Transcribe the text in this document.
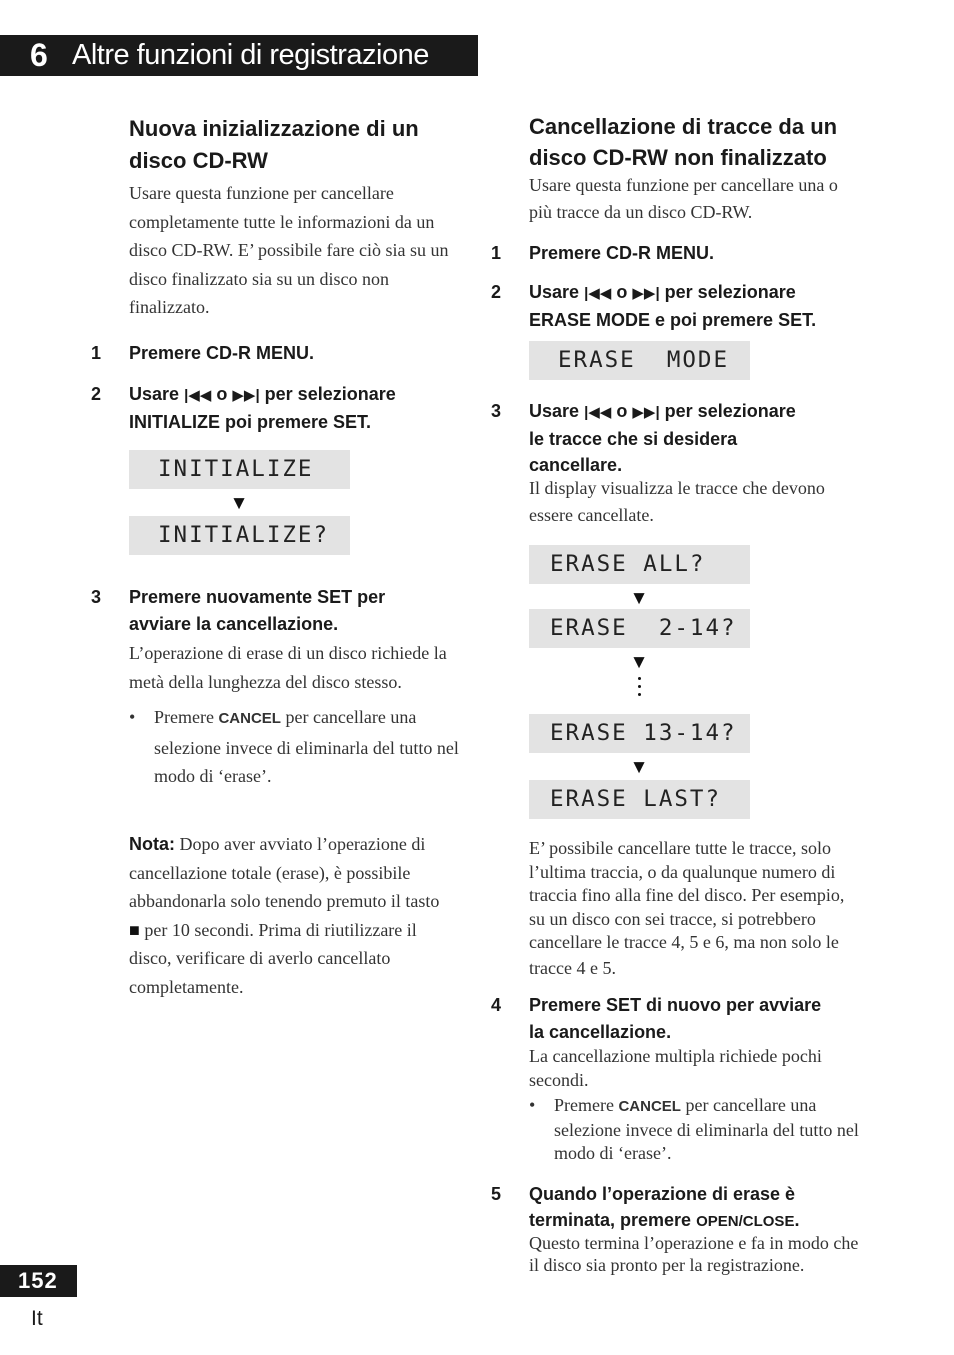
6 Altre funzioni di registrazione
Nuova inizializzazione di un
disco CD-RW
Usare questa funzione per cancellare
completamente tutte le informazioni da un
disco CD-RW. E’ possibile fare ciò sia su un
disco finalizzato sia su un disco non
finalizzato.
1 Premere CD-R MENU.
2 Usare |◀◀ o ▶▶| per selezionare
INITIALIZE poi premere SET.
INITIALIZE
▼
INITIALIZE?
3 Premere nuovamente SET per
avviare la cancellazione.
L’operazione di erase di un disco richiede la
metà della lunghezza del disco stesso.
• Premere CANCEL per cancellare una
selezione invece di eliminarla del tutto nel
modo di ‘erase’.
Nota: Dopo aver avviato l’operazione di
cancellazione totale (erase), è possibile
abbandonarla solo tenendo premuto il tasto
■ per 10 secondi. Prima di riutilizzare il
disco, verificare di averlo cancellato
completamente.
Cancellazione di tracce da un
disco CD-RW non finalizzato
Usare questa funzione per cancellare una o
più tracce da un disco CD-RW.
1 Premere CD-R MENU.
2 Usare |◀◀ o ▶▶| per selezionare
ERASE MODE e poi premere SET.
ERASE  MODE
3 Usare |◀◀ o ▶▶| per selezionare
le tracce che si desidera
cancellare.
Il display visualizza le tracce che devono
essere cancellate.
ERASE ALL?
▼
ERASE  2-14?
▼
ERASE 13-14?
▼
ERASE LAST?
E’ possibile cancellare tutte le tracce, solo
l’ultima traccia, o da qualunque numero di
traccia fino alla fine del disco. Per esempio,
su un disco con sei tracce, si potrebbero
cancellare le tracce 4, 5 e 6, ma non solo le
tracce 4 e 5.
4 Premere SET di nuovo per avviare
la cancellazione.
La cancellazione multipla richiede pochi
secondi.
• Premere CANCEL per cancellare una
selezione invece di eliminarla del tutto nel
modo di ‘erase’.
5 Quando l’operazione di erase è
terminata, premere OPEN/CLOSE.
Questo termina l’operazione e fa in modo che
il disco sia pronto per la registrazione.
152
It
